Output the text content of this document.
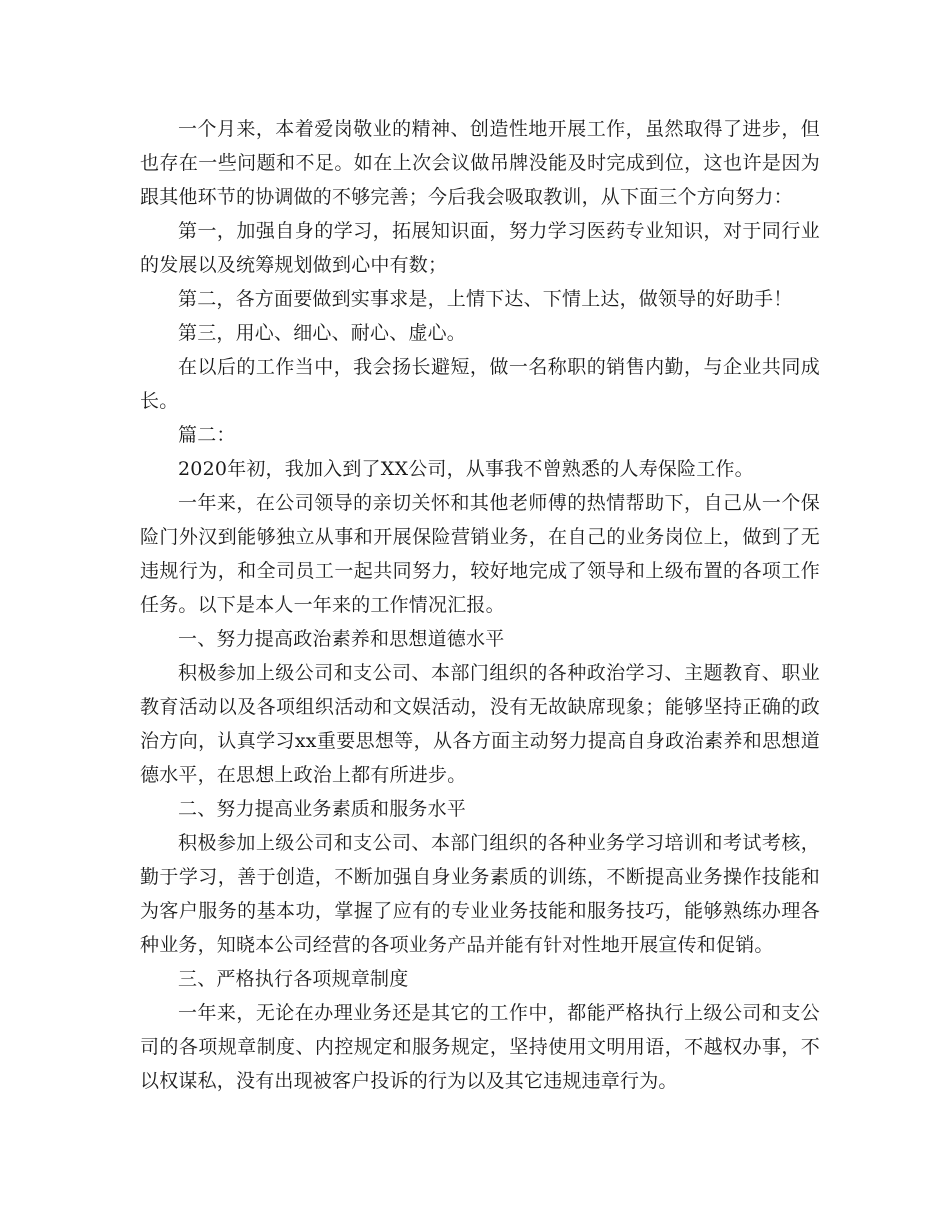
一个月来，本着爱岗敬业的精神、创造性地开展工作，虽然取得了进步，但也存在一些问题和不足。如在上次会议做吊牌没能及时完成到位，这也许是因为跟其他环节的协调做的不够完善；今后我会吸取教训，从下面三个方向努力：

第一，加强自身的学习，拓展知识面，努力学习医药专业知识，对于同行业的发展以及统筹规划做到心中有数；

第二，各方面要做到实事求是，上情下达、下情上达，做领导的好助手！

第三，用心、细心、耐心、虚心。

在以后的工作当中，我会扬长避短，做一名称职的销售内勤，与企业共同成长。

篇二：

2020年初，我加入到了XX公司，从事我不曾熟悉的人寿保险工作。

一年来，在公司领导的亲切关怀和其他老师傅的热情帮助下，自己从一个保险门外汉到能够独立从事和开展保险营销业务，在自己的业务岗位上，做到了无违规行为，和全司员工一起共同努力，较好地完成了领导和上级布置的各项工作任务。以下是本人一年来的工作情况汇报。

一、努力提高政治素养和思想道德水平

积极参加上级公司和支公司、本部门组织的各种政治学习、主题教育、职业教育活动以及各项组织活动和文娱活动，没有无故缺席现象；能够坚持正确的政治方向，认真学习xx重要思想等，从各方面主动努力提高自身政治素养和思想道德水平，在思想上政治上都有所进步。

二、努力提高业务素质和服务水平

积极参加上级公司和支公司、本部门组织的各种业务学习培训和考试考核，勤于学习，善于创造，不断加强自身业务素质的训练，不断提高业务操作技能和为客户服务的基本功，掌握了应有的专业业务技能和服务技巧，能够熟练办理各种业务，知晓本公司经营的各项业务产品并能有针对性地开展宣传和促销。

三、严格执行各项规章制度

一年来，无论在办理业务还是其它的工作中，都能严格执行上级公司和支公司的各项规章制度、内控规定和服务规定，坚持使用文明用语，不越权办事，不以权谋私，没有出现被客户投诉的行为以及其它违规违章行为。
